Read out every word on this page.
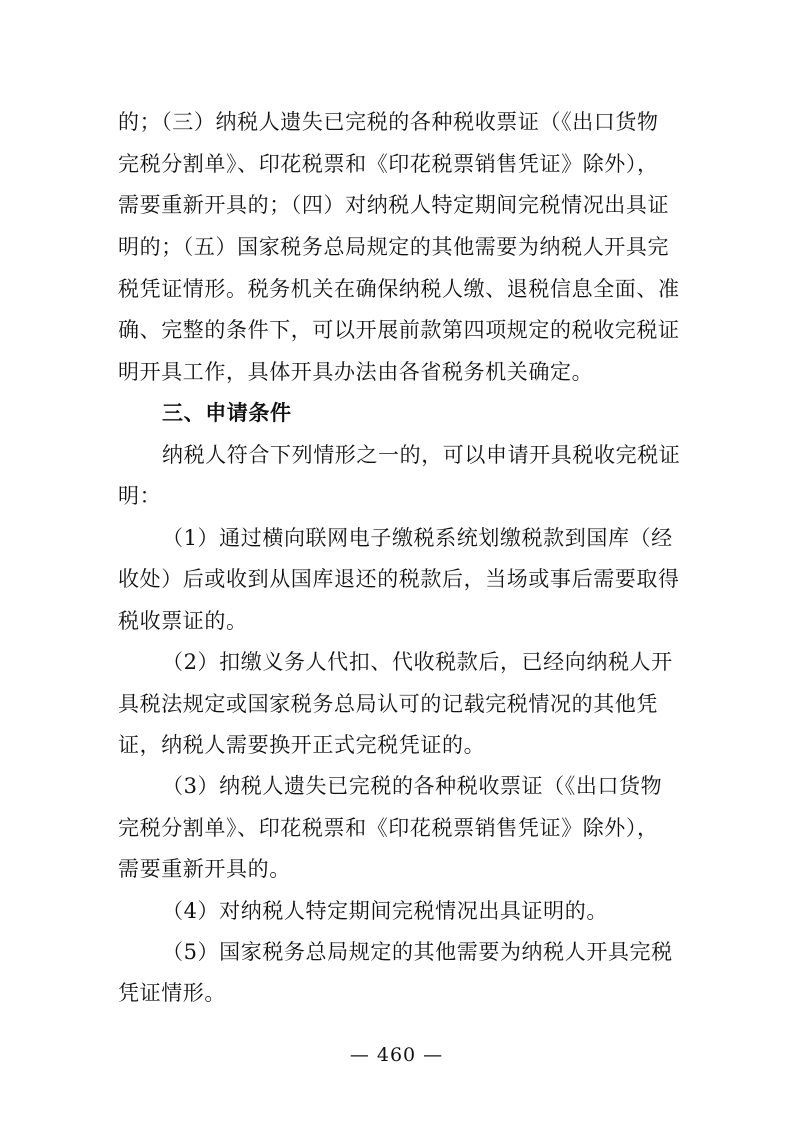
的；（三）纳税人遗失已完税的各种税收票证（《出口货物
完税分割单》、印花税票和《印花税票销售凭证》除外），
需要重新开具的；（四）对纳税人特定期间完税情况出具证
明的；（五）国家税务总局规定的其他需要为纳税人开具完
税凭证情形。税务机关在确保纳税人缴、退税信息全面、准
确、完整的条件下，可以开展前款第四项规定的税收完税证
明开具工作，具体开具办法由各省税务机关确定。
三、申请条件
纳税人符合下列情形之一的，可以申请开具税收完税证
明：
（1）通过横向联网电子缴税系统划缴税款到国库（经
收处）后或收到从国库退还的税款后，当场或事后需要取得
税收票证的。
（2）扣缴义务人代扣、代收税款后，已经向纳税人开
具税法规定或国家税务总局认可的记载完税情况的其他凭
证，纳税人需要换开正式完税凭证的。
（3）纳税人遗失已完税的各种税收票证（《出口货物
完税分割单》、印花税票和《印花税票销售凭证》除外），
需要重新开具的。
（4）对纳税人特定期间完税情况出具证明的。
（5）国家税务总局规定的其他需要为纳税人开具完税
凭证情形。
— 460 —
